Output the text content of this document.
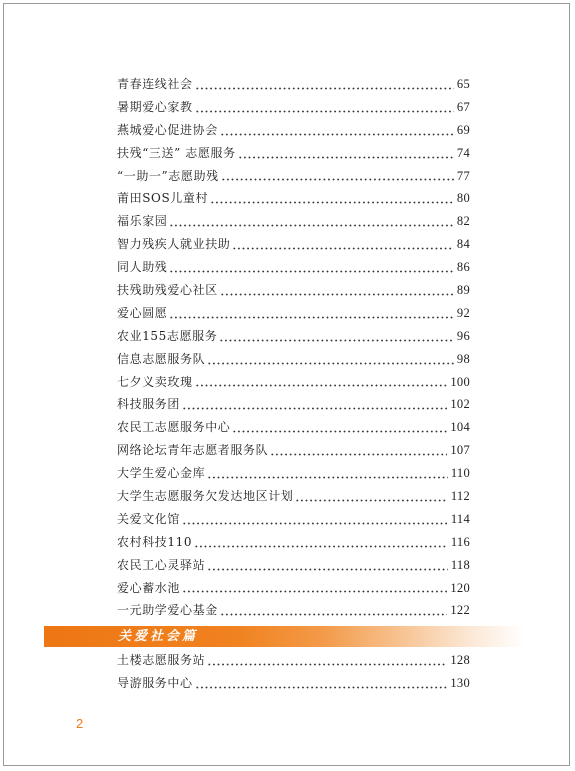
青春连线社会	65
暑期爱心家教	67
燕城爱心促进协会	69
扶残“三送” 志愿服务	74
“一助一”志愿助残	77
莆田SOS儿童村	80
福乐家园	82
智力残疾人就业扶助	84
同人助残	86
扶残助残爱心社区	89
爱心圆愿	92
农业155志愿服务	96
信息志愿服务队	98
七夕义卖玫瑰	100
科技服务团	102
农民工志愿服务中心	104
网络论坛青年志愿者服务队	107
大学生爱心金库	110
大学生志愿服务欠发达地区计划	112
关爱文化馆	114
农村科技110	116
农民工心灵驿站	118
爱心蓄水池	120
一元助学爱心基金	122
关爱社会篇
土楼志愿服务站	128
导游服务中心	130
2
